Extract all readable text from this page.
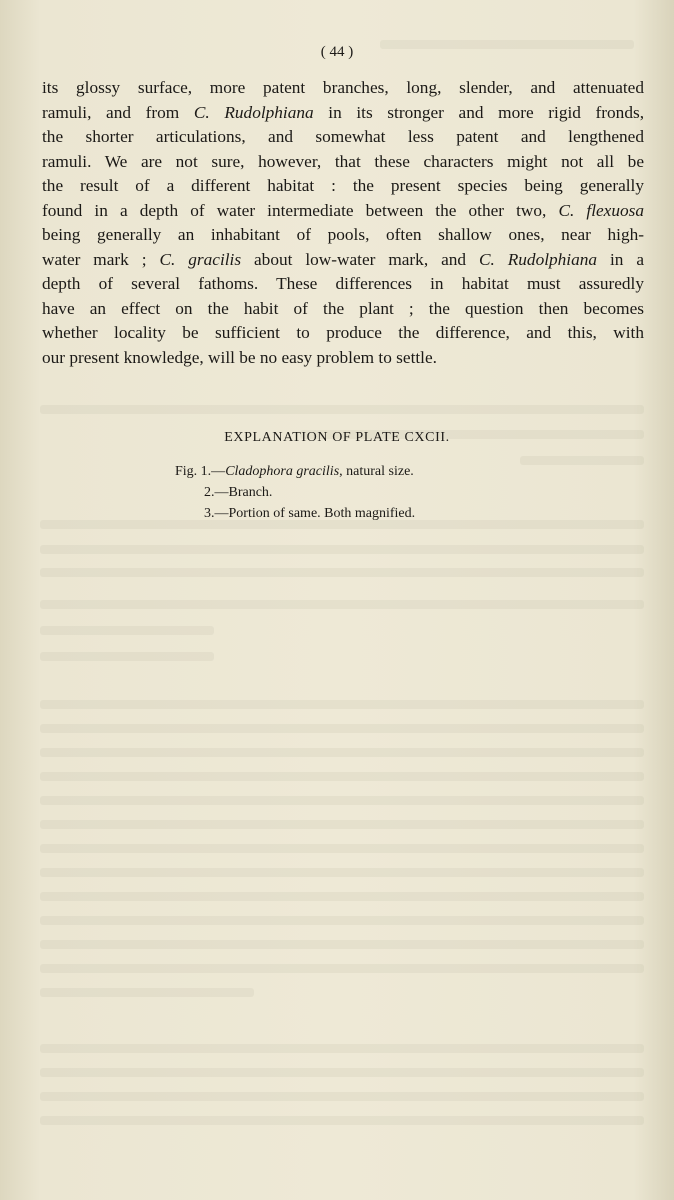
( 44 )
its glossy surface, more patent branches, long, slender, and attenuated
ramuli, and from C. Rudolphiana in its stronger and more rigid fronds,
the shorter articulations, and somewhat less patent and lengthened
ramuli. We are not sure, however, that these characters might not all be
the result of a different habitat : the present species being generally
found in a depth of water intermediate between the other two, C. flexuosa
being generally an inhabitant of pools, often shallow ones, near high-
water mark ; C. gracilis about low-water mark, and C. Rudolphiana in a
depth of several fathoms. These differences in habitat must assuredly
have an effect on the habit of the plant ; the question then becomes
whether locality be sufficient to produce the difference, and this, with
our present knowledge, will be no easy problem to settle.
EXPLANATION OF PLATE CXCII.
Fig. 1.—Cladophora gracilis, natural size.
2.—Branch.
3.—Portion of same. Both magnified.
